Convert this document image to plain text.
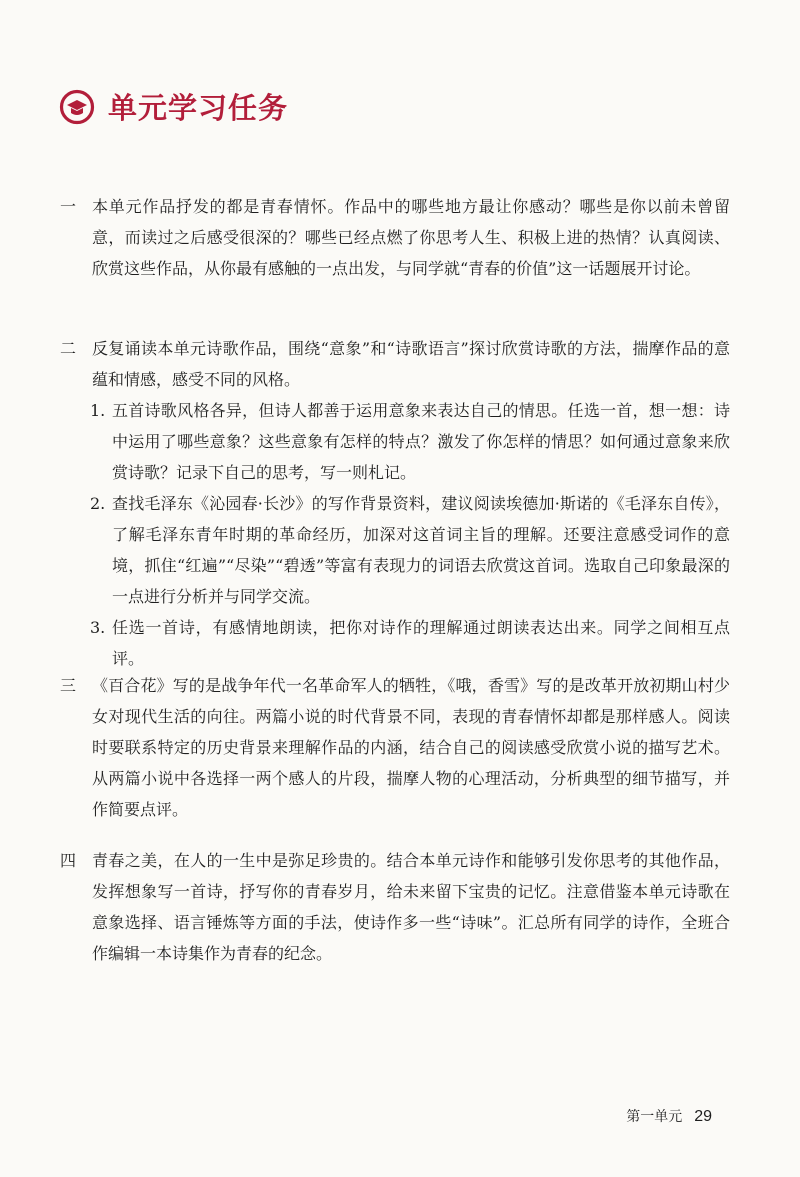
单元学习任务
一 本单元作品抒发的都是青春情怀。作品中的哪些地方最让你感动？哪些是你以前未曾留意，而读过之后感受很深的？哪些已经点燃了你思考人生、积极上进的热情？认真阅读、欣赏这些作品，从你最有感触的一点出发，与同学就“青春的价值”这一话题展开讨论。
二 反复诵读本单元诗歌作品，围绕“意象”和“诗歌语言”探讨欣赏诗歌的方法，揣摩作品的意蕴和情感，感受不同的风格。
1. 五首诗歌风格各异，但诗人都善于运用意象来表达自己的情思。任选一首，想一想：诗中运用了哪些意象？这些意象有怎样的特点？激发了你怎样的情思？如何通过意象来欣赏诗歌？记录下自己的思考，写一则札记。
2. 查找毛泽东《沁园春·长沙》的写作背景资料，建议阅读埃德加·斯诺的《毛泽东自传》，了解毛泽东青年时期的革命经历，加深对这首词主旨的理解。还要注意感受词作的意境，抓住“红遍”“尽染”“碧透”等富有表现力的词语去欣赏这首词。选取自己印象最深的一点进行分析并与同学交流。
3. 任选一首诗，有感情地朗读，把你对诗作的理解通过朗读表达出来。同学之间相互点评。
三 《百合花》写的是战争年代一名革命军人的牺牲，《哦，香雪》写的是改革开放初期山村少女对现代生活的向往。两篇小说的时代背景不同，表现的青春情怀却都是那样感人。阅读时要联系特定的历史背景来理解作品的内涵，结合自己的阅读感受欣赏小说的描写艺术。从两篇小说中各选择一两个感人的片段，揣摩人物的心理活动，分析典型的细节描写，并作简要点评。
四 青春之美，在人的一生中是弥足珍贵的。结合本单元诗作和能够引发你思考的其他作品，发挥想象写一首诗，抒写你的青春岁月，给未来留下宝贵的记忆。注意借鉴本单元诗歌在意象选择、语言锤炼等方面的手法，使诗作多一些“诗味”。汇总所有同学的诗作，全班合作编辑一本诗集作为青春的纪念。
第一单元 29
